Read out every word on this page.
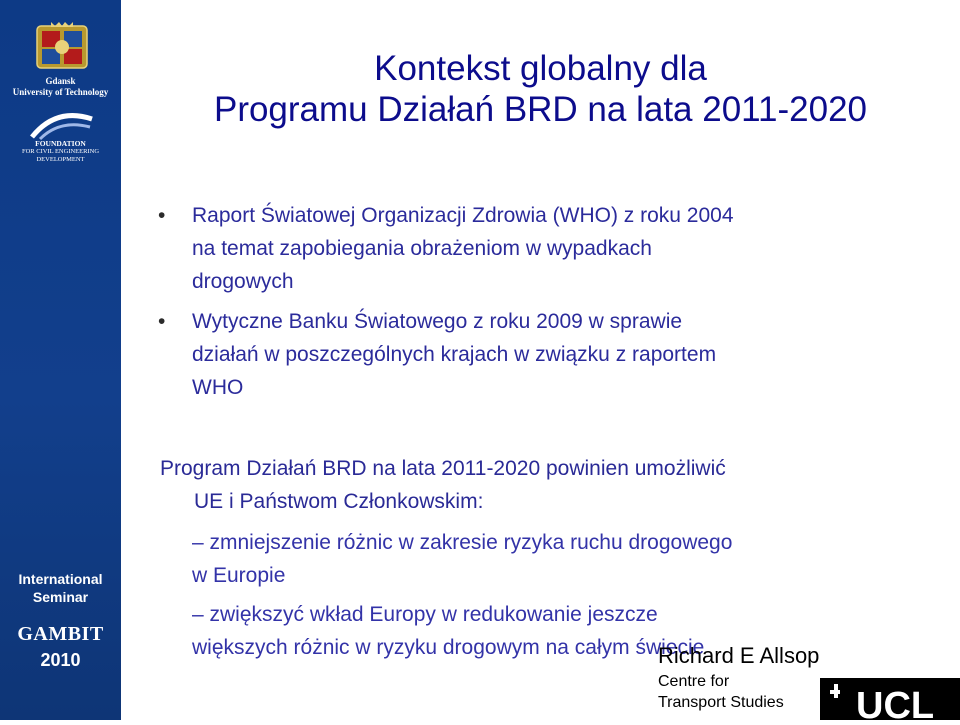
Gdansk
University of Technology
FOUNDATION
FOR CIVIL ENGINEERING DEVELOPMENT
International
Seminar
GAMBIT
2010
Kontekst globalny dla
Programu Działań BRD na lata 2011-2020
• Raport Światowej Organizacji Zdrowia (WHO) z roku 2004
na temat zapobiegania obrażeniom w wypadkach
drogowych
• Wytyczne Banku Światowego z roku 2009 w sprawie
działań w poszczególnych krajach w związku z raportem
WHO
Program Działań BRD na lata 2011-2020 powinien umożliwić
UE i Państwom Członkowskim:
– zmniejszenie różnic w zakresie ryzyka ruchu drogowego
w Europie
– zwiększyć wkład Europy w redukowanie jeszcze
większych różnic w ryzyku drogowym na całym świecie
Richard E Allsop
Centre for
Transport Studies UCL
